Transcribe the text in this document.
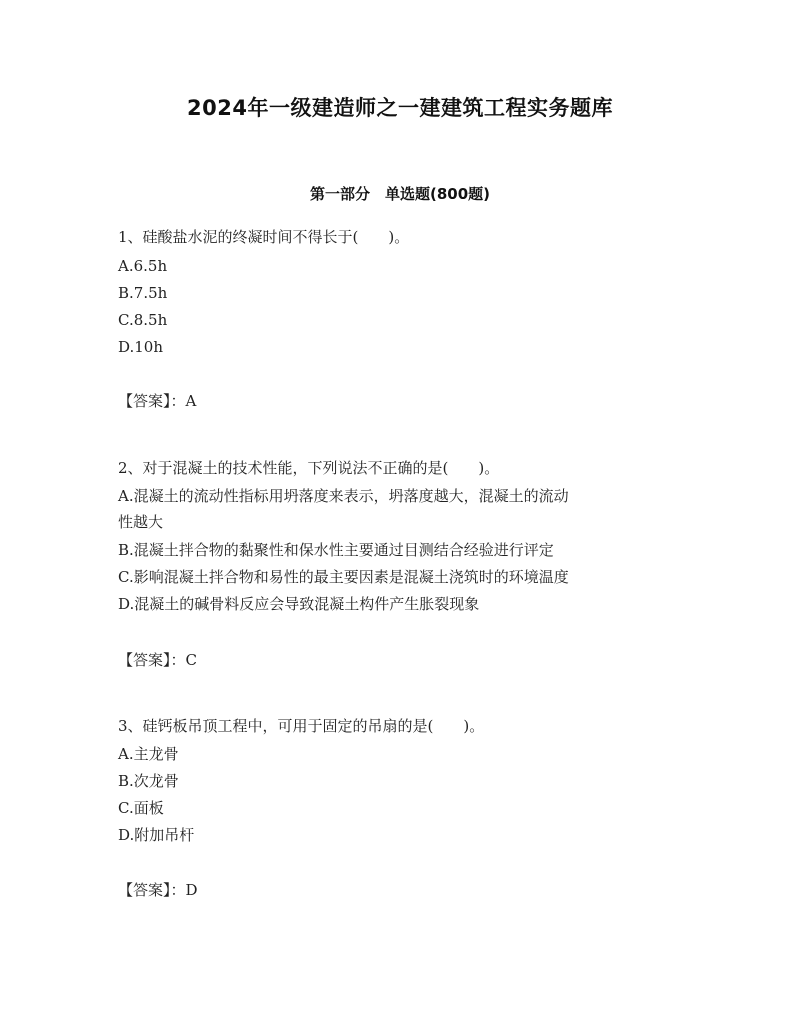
2024年一级建造师之一建建筑工程实务题库
第一部分　单选题(800题)
1、硅酸盐水泥的终凝时间不得长于(　　)。
A.6.5h
B.7.5h
C.8.5h
D.10h
【答案】：A
2、对于混凝土的技术性能，下列说法不正确的是(　　)。
A.混凝土的流动性指标用坍落度来表示，坍落度越大，混凝土的流动
性越大
B.混凝土拌合物的黏聚性和保水性主要通过目测结合经验进行评定
C.影响混凝土拌合物和易性的最主要因素是混凝土浇筑时的环境温度
D.混凝土的碱骨料反应会导致混凝土构件产生胀裂现象
【答案】：C
3、硅钙板吊顶工程中，可用于固定的吊扇的是(　　)。
A.主龙骨
B.次龙骨
C.面板
D.附加吊杆
【答案】：D
